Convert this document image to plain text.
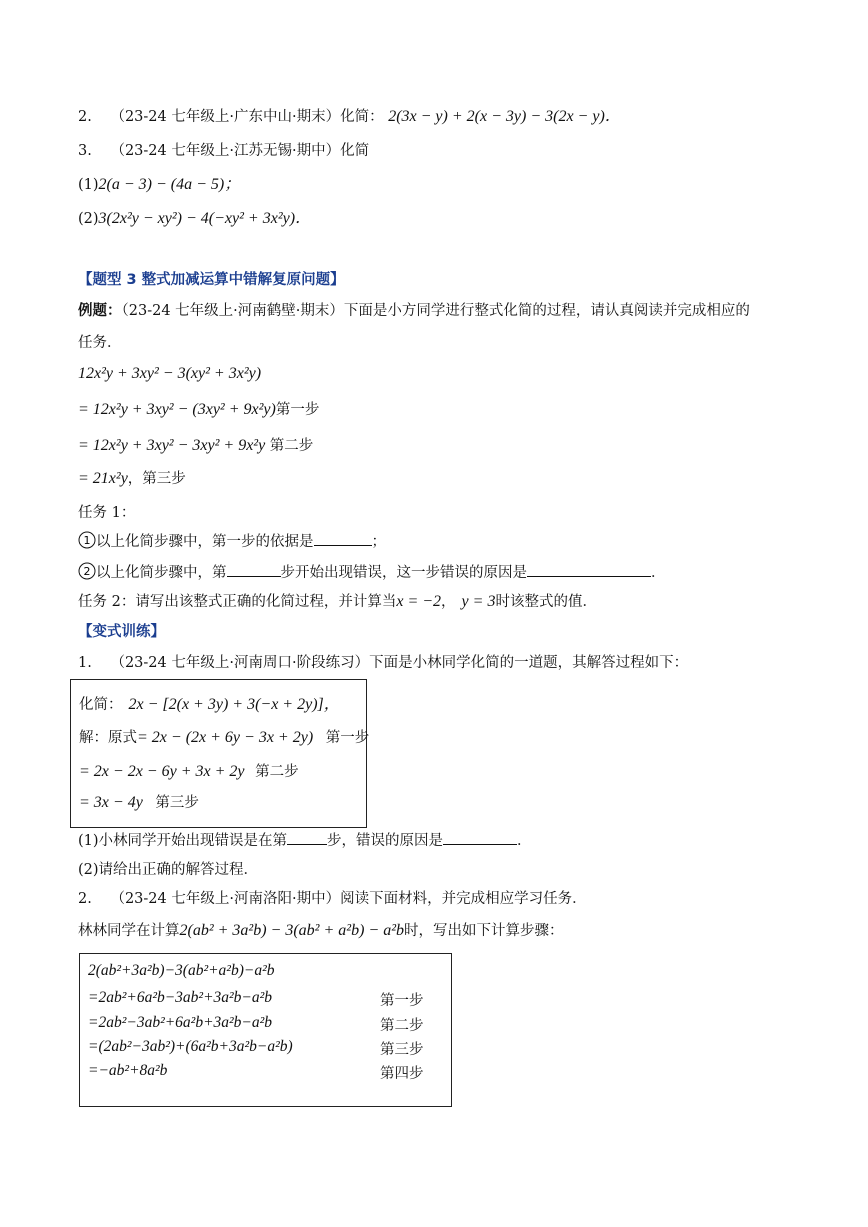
2. （23-24 七年级上·广东中山·期末）化简： 2(3x − y) + 2(x − 3y) − 3(2x − y)．
3. （23-24 七年级上·江苏无锡·期中）化简
(1)2(a − 3) − (4a − 5)；
(2)3(2x²y − xy²) − 4(−xy² + 3x²y)．
【题型 3 整式加减运算中错解复原问题】
例题：（23-24 七年级上·河南鹤壁·期末）下面是小方同学进行整式化简的过程，请认真阅读并完成相应的
任务．
12x²y + 3xy² − 3(xy² + 3x²y)
= 12x²y + 3xy² − (3xy² + 9x²y)第一步
= 12x²y + 3xy² − 3xy² + 9x²y 第二步
= 21x²y，第三步
任务 1：
1 以上化简步骤中，第一步的依据是	；
2 以上化简步骤中，第	步开始出现错误，这一步错误的原因是	．
任务 2：请写出该整式正确的化简过程，并计算当x = −2， y = 3时该整式的值．
【变式训练】
1. （23-24 七年级上·河南周口·阶段练习）下面是小林同学化简的一道题，其解答过程如下：
化简： 2x − [2(x + 3y) + 3(−x + 2y)]，
解：原式= 2x − (2x + 6y − 3x + 2y) 第一步
= 2x − 2x − 6y + 3x + 2y 第二步
= 3x − 4y 第三步
(1)小林同学开始出现错误是在第	步，错误的原因是	．
(2)请给出正确的解答过程．
2. （23-24 七年级上·河南洛阳·期中）阅读下面材料，并完成相应学习任务．
林林同学在计算2(ab² + 3a²b) − 3(ab² + a²b) − a²b时，写出如下计算步骤：
2(ab²+3a²b)−3(ab²+a²b)−a²b
=2ab²+6a²b−3ab²+3a²b−a²b	第一步
=2ab²−3ab²+6a²b+3a²b−a²b	第二步
=(2ab²−3ab²)+(6a²b+3a²b−a²b)	第三步
=−ab²+8a²b	第四步
